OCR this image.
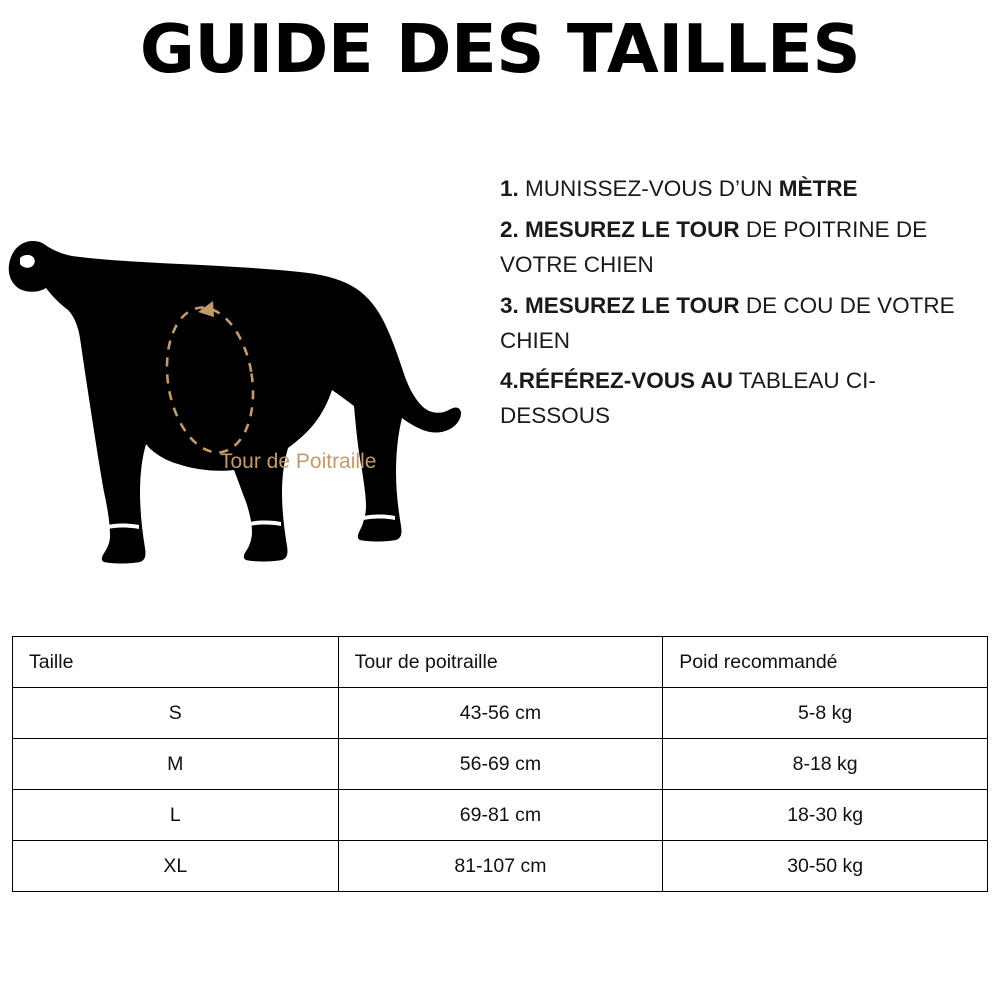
GUIDE DES TAILLES
Tour de Poitraille
1. MUNISSEZ-VOUS D’UN MÈTRE
2. MESUREZ LE TOUR DE POITRINE DE VOTRE CHIEN
3. MESUREZ LE TOUR DE COU DE VOTRE CHIEN
4.RÉFÉREZ-VOUS AU TABLEAU CI-DESSOUS
Taille	Tour de poitraille	Poid recommandé
S	43-56 cm	5-8 kg
M	56-69 cm	8-18 kg
L	69-81 cm	18-30 kg
XL	81-107 cm	30-50 kg
